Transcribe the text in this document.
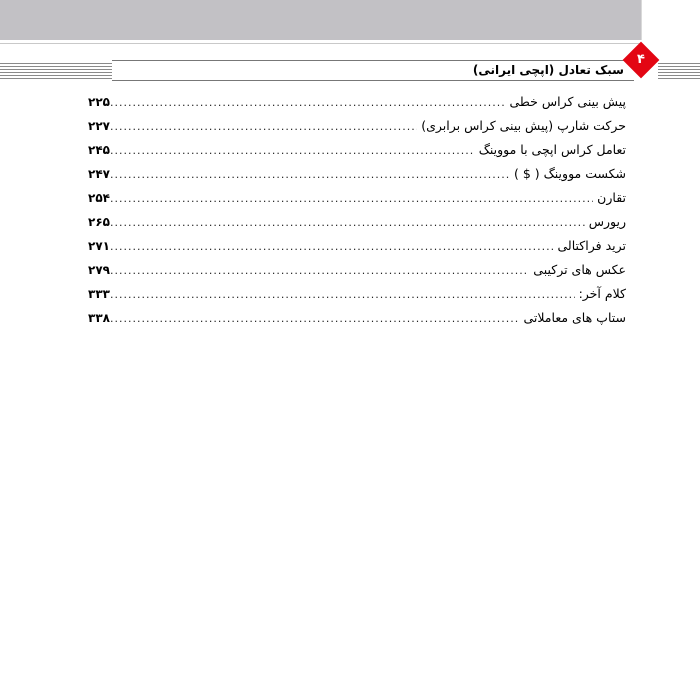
سبک تعادل (اپچی ایرانی)
۴
پیش بینی کراس خطی
.....
۲۲۵
حرکت شارپ (پیش بینی کراس برابری)
.....
۲۲۷
تعامل کراس اپچی با مووینگ
.....
۲۴۵
شکست مووینگ ( $ )
.....
۲۴۷
تقارن
.....
۲۵۴
ریورس
.....
۲۶۵
ترید فراکتالی
.....
۲۷۱
عکس های ترکیبی
.....
۲۷۹
کلام آخر:
.....
۳۳۳
ستاپ های معاملاتی
.....
۳۳۸
